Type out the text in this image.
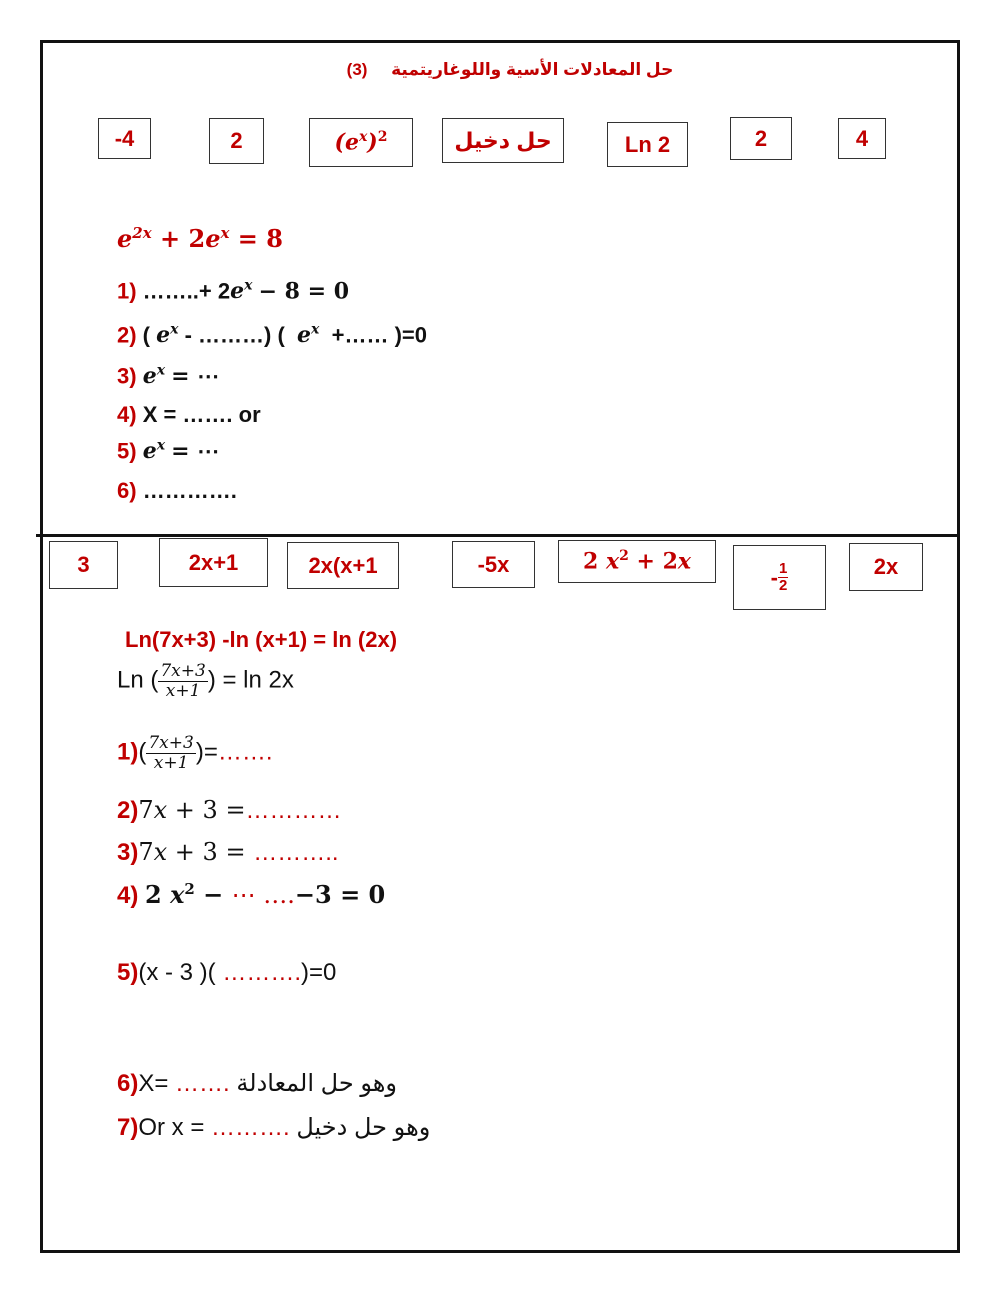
حل المعادلات الأسية واللوغاريتمية     (3)
-4	2	$(e^x)^2$	حل دخيل	Ln 2	2	4
$e^{2x} + 2e^x = 8$
1) ……..+ $2e^x - 8 = 0$
2) ( $e^x$ - ………) (  $e^x$  +…… )=0
3) $e^x$ = ⋯
4) X = ……. or
5) $e^x$ = ⋯
6) ………….
3	2x+1	2x(x+1	-5x	2 $x^2 + 2x$
- $\frac{1}{2}$	2x
Ln(7x+3) -ln (x+1) = ln (2x)
Ln ( $\frac{7x+3}{x+1}$ ) = ln 2x
$1)( \frac{7x+3}{x+1}$ )=…….
2)7x + 3 =…………
3)7x + 3 = ………..
4) 2 $x^2$ − ⋯ ….−3 = 0
5)(x - 3 )( ……….)=0
6)X= ……. وهو حل المعادلة
7)Or x = ………. وهو حل دخيل
